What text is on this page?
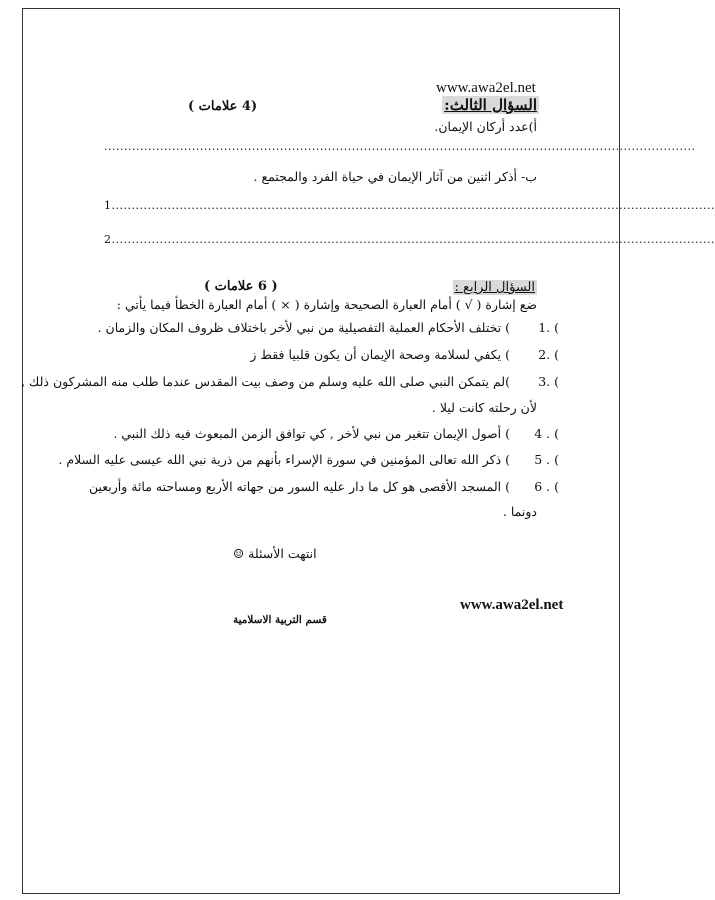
www.awa2el.net
السؤال الثالث:
(4 علامات )
أ)عدد أركان الإيمان.
....................................................................................................................................................
ب- أذكر اثنين من آثار الإيمان في حياة الفرد والمجتمع .
1.......................................................................................................................................................
2.......................................................................................................................................................
السؤال الرابع :
( 6 علامات )
ضع إشارة ( √ ) أمام العبارة الصحيحة وإشارة ( × ) أمام العبارة الخطأ فيما يأتي :
1. (
) تختلف الأحكام العملية التفصيلية من نبي لأخر باختلاف ظروف المكان والزمان .
2. (
) يكفي لسلامة وصحة الإيمان أن يكون قلبيا فقط ز
3. (
)لم يتمكن النبي صلى الله عليه وسلم من وصف بيت المقدس عندما طلب منه المشركون ذلك ,
لأن رحلته كانت ليلا .
4 . (
) أصول الإيمان تتغير من نبي لأخر , كي توافق الزمن المبعوث فيه ذلك النبي .
5 . (
) ذكر الله تعالى المؤمنين في سورة الإسراء بأنهم من ذرية نبي الله عيسى عليه السلام .
6 . (
) المسجد الأقصى هو كل ما دار عليه السور من جهاته الأربع ومساحته مائة وأربعين
دونما .
انتهت الأسئلة ☺
www.awa2el.net
قسم التربية الاسلامية
